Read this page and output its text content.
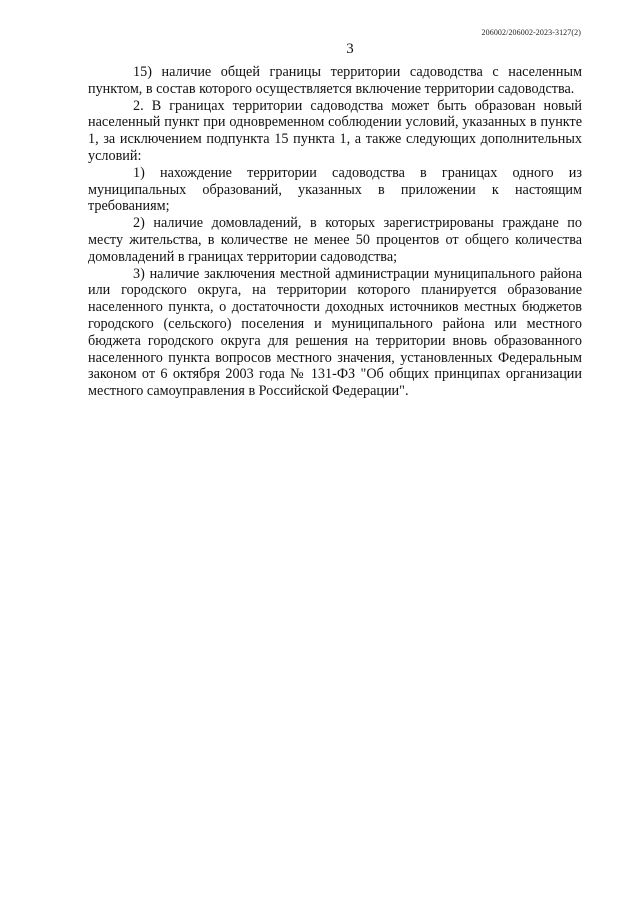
206002/206002-2023-3127(2)
3

15) наличие общей границы территории садоводства с населенным пунктом, в состав которого осуществляется включение территории садоводства.

2. В границах территории садоводства может быть образован новый населенный пункт при одновременном соблюдении условий, указанных в пункте 1, за исключением подпункта 15 пункта 1, а также следующих дополнительных условий:

1) нахождение территории садоводства в границах одного из муниципальных образований, указанных в приложении к настоящим требованиям;

2) наличие домовладений, в которых зарегистрированы граждане по месту жительства, в количестве не менее 50 процентов от общего количества домовладений в границах территории садоводства;

3) наличие заключения местной администрации муниципального района или городского округа, на территории которого планируется образование населенного пункта, о достаточности доходных источников местных бюджетов городского (сельского) поселения и муниципального района или местного бюджета городского округа для решения на территории вновь образованного населенного пункта вопросов местного значения, установленных Федеральным законом от 6 октября 2003 года № 131-ФЗ "Об общих принципах организации местного самоуправления в Российской Федерации".
